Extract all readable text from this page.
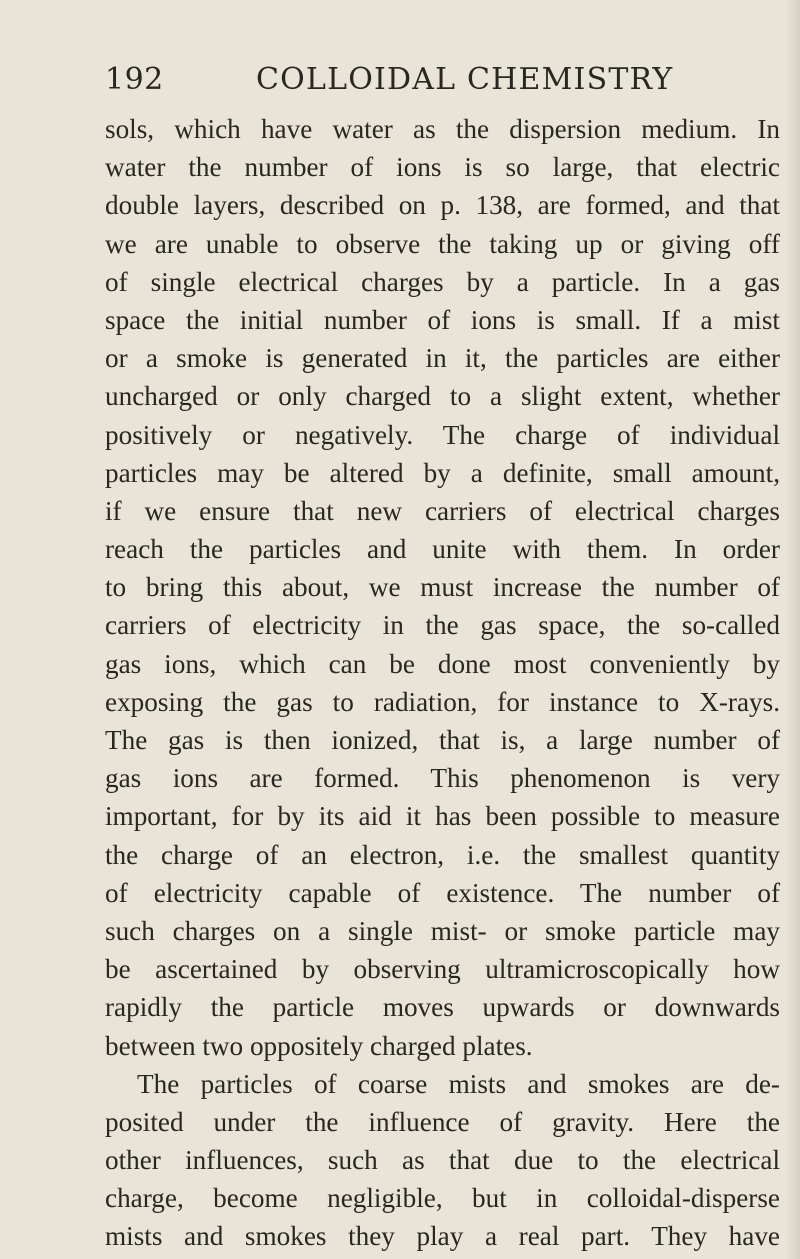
192	COLLOIDAL CHEMISTRY
sols, which have water as the dispersion medium. In
water the number of ions is so large, that electric
double layers, described on p. 138, are formed, and that
we are unable to observe the taking up or giving off
of single electrical charges by a particle. In a gas
space the initial number of ions is small. If a mist
or a smoke is generated in it, the particles are either
uncharged or only charged to a slight extent, whether
positively or negatively. The charge of individual
particles may be altered by a definite, small amount,
if we ensure that new carriers of electrical charges
reach the particles and unite with them. In order
to bring this about, we must increase the number of
carriers of electricity in the gas space, the so-called
gas ions, which can be done most conveniently by
exposing the gas to radiation, for instance to X-rays.
The gas is then ionized, that is, a large number of
gas ions are formed. This phenomenon is very
important, for by its aid it has been possible to measure
the charge of an electron, i.e. the smallest quantity
of electricity capable of existence. The number of
such charges on a single mist- or smoke particle may
be ascertained by observing ultramicroscopically how
rapidly the particle moves upwards or downwards
between two oppositely charged plates.
The particles of coarse mists and smokes are de-
posited under the influence of gravity. Here the
other influences, such as that due to the electrical
charge, become negligible, but in colloidal-disperse
mists and smokes they play a real part. They have
